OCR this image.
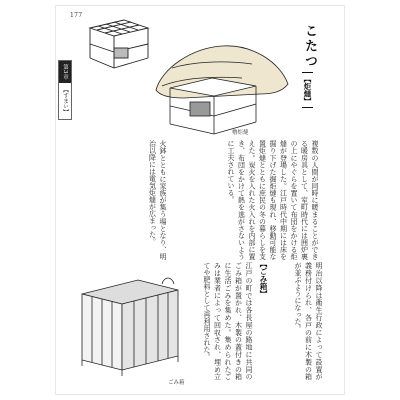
177
第3章
【すまい】
櫓炬燵
こたつ
【炬燵】
複数の人間が同時に暖まることができる暖房具として、室町時代には囲炉裏の上にやぐらを置いて布団をかける炬燵が登場した。江戸時代中期には床を掘り下げた掘炬燵も現れ、移動可能な置炬燵とともに庶民の冬の暮らしを支えた。炭火を入れた火入れを内部に置き、布団をかけて熱を逃がさないように工夫されている。
火鉢とともに家族が集う場となり、明治以降には電気炬燵が広まった。
【ごみ箱】
江戸の町では各長屋の路地に共同のごみ箱が置かれ、木製の蓋付きの箱に生活ごみを集めた。集められたごみは業者によって回収され、埋め立てや肥料として再利用された。	明治以降は衛生行政によって設置が義務付けられ、各戸の前に木製の箱が並ぶようになった。
ごみ箱
